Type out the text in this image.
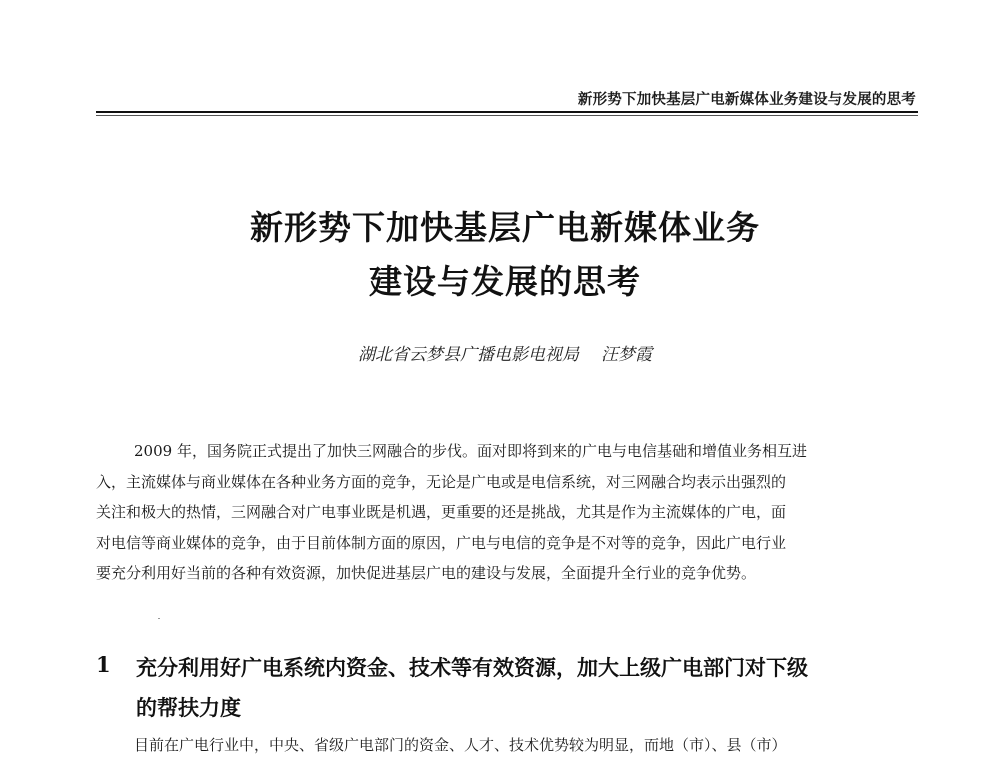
新形势下加快基层广电新媒体业务建设与发展的思考
新形势下加快基层广电新媒体业务
建设与发展的思考
湖北省云梦县广播电影电视局 汪梦霞
2009 年，国务院正式提出了加快三网融合的步伐。面对即将到来的广电与电信基础和增值业务相互进
入，主流媒体与商业媒体在各种业务方面的竞争，无论是广电或是电信系统，对三网融合均表示出强烈的
关注和极大的热情，三网融合对广电事业既是机遇，更重要的还是挑战，尤其是作为主流媒体的广电，面
对电信等商业媒体的竞争，由于目前体制方面的原因，广电与电信的竞争是不对等的竞争，因此广电行业
要充分利用好当前的各种有效资源，加快促进基层广电的建设与发展，全面提升全行业的竞争优势。
1 充分利用好广电系统内资金、技术等有效资源，加大上级广电部门对下级
的帮扶力度
目前在广电行业中，中央、省级广电部门的资金、人才、技术优势较为明显，而地（市）、县（市）
